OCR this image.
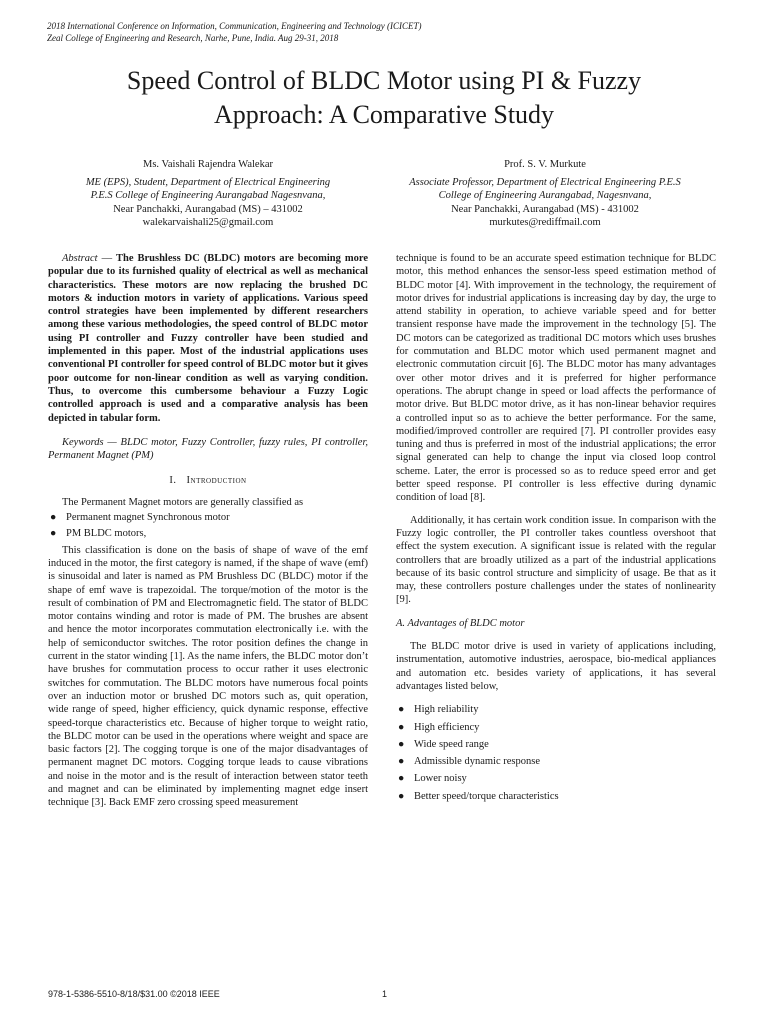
2018 International Conference on Information, Communication, Engineering and Technology (ICICET)
Zeal College of Engineering and Research, Narhe, Pune, India. Aug 29-31, 2018
Speed Control of BLDC Motor using PI & Fuzzy
Approach: A Comparative Study
Ms. Vaishali Rajendra Walekar
ME (EPS), Student, Department of Electrical Engineering
P.E.S College of Engineering Aurangabad Nagesnvana,
Near Panchakki, Aurangabad (MS) – 431002
walekarvaishali25@gmail.com
Prof. S. V. Murkute
Associate Professor, Department of Electrical Engineering P.E.S
College of Engineering Aurangabad, Nagesnvana,
Near Panchakki, Aurangabad (MS) - 431002
murkutes@rediffmail.com
Abstract — The Brushless DC (BLDC) motors are becoming more popular due to its furnished quality of electrical as well as mechanical characteristics. These motors are now replacing the brushed DC motors & induction motors in variety of applications. Various speed control strategies have been implemented by different researchers among these various methodologies, the speed control of BLDC motor using PI controller and Fuzzy controller have been studied and implemented in this paper. Most of the industrial applications uses conventional PI controller for speed control of BLDC motor but it gives poor outcome for non-linear condition as well as varying condition. Thus, to overcome this cumbersome behaviour a Fuzzy Logic controlled approach is used and a comparative analysis has been depicted in tabular form.
Keywords — BLDC motor, Fuzzy Controller, fuzzy rules, PI controller, Permanent Magnet (PM)
I. Introduction
The Permanent Magnet motors are generally classified as
● Permanent magnet Synchronous motor
● PM BLDC motors,
This classification is done on the basis of shape of wave of the emf induced in the motor, the first category is named, if the shape of wave (emf) is sinusoidal and later is named as PM Brushless DC (BLDC) motor if the shape of emf wave is trapezoidal. The torque/motion of the motor is the result of combination of PM and Electromagnetic field. The stator of BLDC motor contains winding and rotor is made of PM. The brushes are absent and hence the motor incorporates commutation electronically i.e. with the help of semiconductor switches. The rotor position defines the change in current in the stator winding [1]. As the name infers, the BLDC motor don’t have brushes for commutation process to occur rather it uses electronic switches for commutation. The BLDC motors have numerous focal points over an induction motor or brushed DC motors such as, quit operation, wide range of speed, higher efficiency, quick dynamic response, effective speed-torque characteristics etc. Because of higher torque to weight ratio, the BLDC motor can be used in the operations where weight and space are basic factors [2]. The cogging torque is one of the major disadvantages of permanent magnet DC motors. Cogging torque leads to cause vibrations and noise in the motor and is the result of interaction between stator teeth and magnet and can be eliminated by implementing magnet edge insert technique [3]. Back EMF zero crossing speed measurement
technique is found to be an accurate speed estimation technique for BLDC motor, this method enhances the sensor-less speed estimation method of BLDC motor [4]. With improvement in the technology, the requirement of motor drives for industrial applications is increasing day by day, the urge to attend stability in operation, to achieve variable speed and for better transient response have made the improvement in the technology [5]. The DC motors can be categorized as traditional DC motors which uses brushes for commutation and BLDC motor which used permanent magnet and electronic commutation circuit [6]. The BLDC motor has many advantages over other motor drives and it is preferred for higher performance operations. The abrupt change in speed or load affects the performance of motor drive. But BLDC motor drive, as it has non-linear behavior requires a controlled input so as to achieve the better performance. For the same, modified/improved controller are required [7]. PI controller provides easy tuning and thus is preferred in most of the industrial applications; the error signal generated can help to change the input via closed loop control scheme. Later, the error is processed so as to reduce speed error and get better speed response. PI controller is less effective during dynamic condition of load [8].
Additionally, it has certain work condition issue. In comparison with the Fuzzy logic controller, the PI controller takes countless overshoot that effect the system execution. A significant issue is related with the regular controllers that are broadly utilized as a part of the industrial applications because of its basic control structure and simplicity of usage. Be that as it may, these controllers posture challenges under the states of nonlinearity [9].
A. Advantages of BLDC motor
The BLDC motor drive is used in variety of applications including, instrumentation, automotive industries, aerospace, bio-medical appliances and automation etc. besides variety of applications, it has several advantages listed below,
● High reliability
● High efficiency
● Wide speed range
● Admissible dynamic response
● Lower noisy
● Better speed/torque characteristics
978-1-5386-5510-8/18/$31.00 ©2018 IEEE	1
